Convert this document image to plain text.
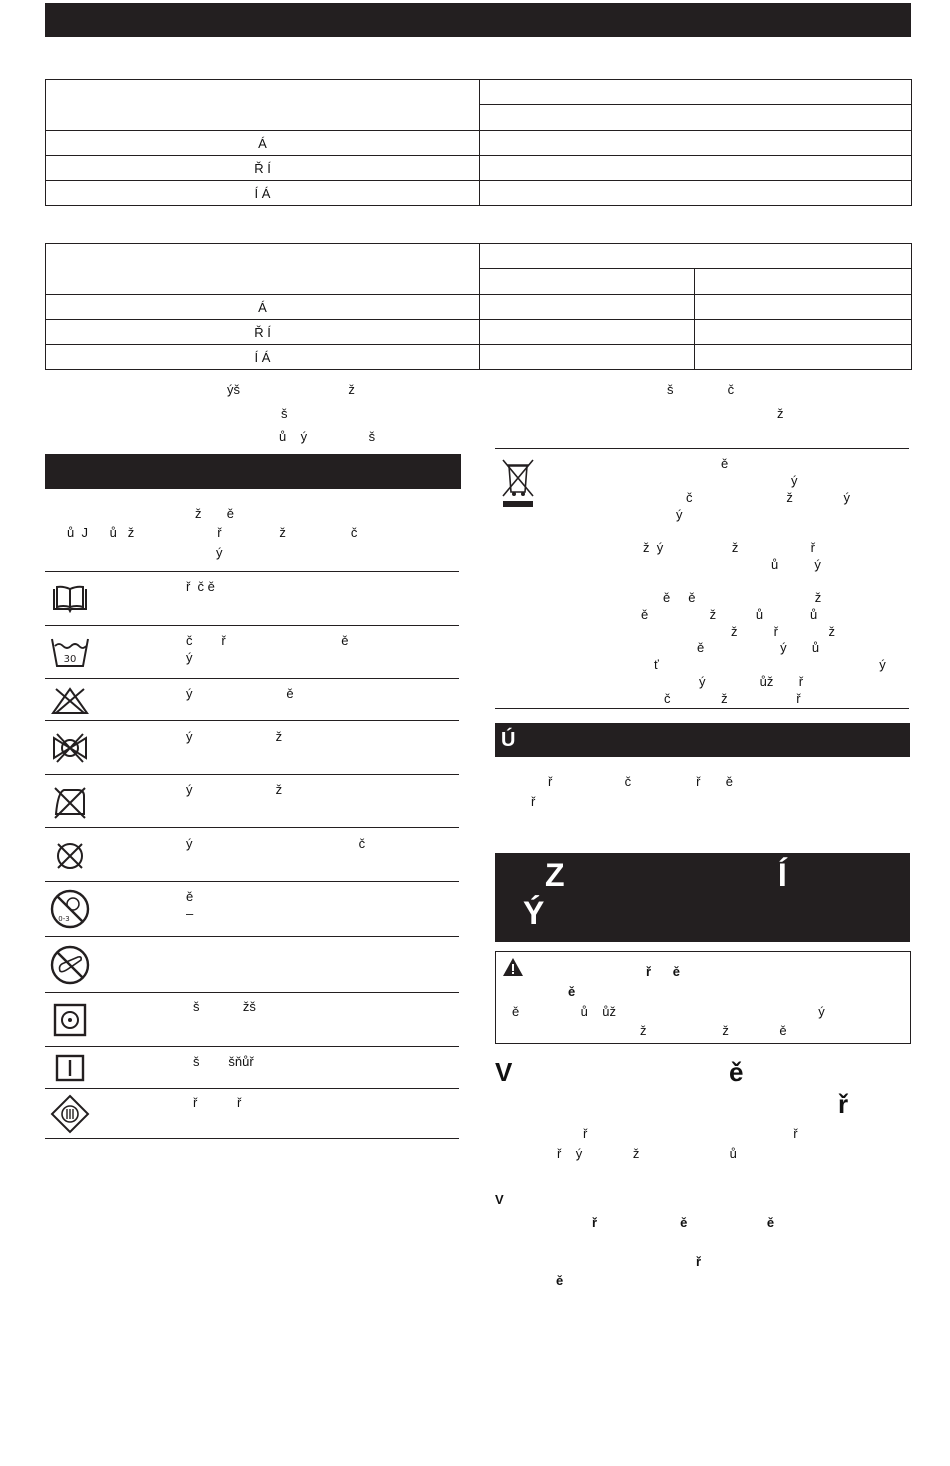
Á	
Ř Í	
Í Á	

Á		
Ř Í		
Í Á		
ýš                              ž
š
ů    ý                 š
š               č
ž
ž       ě
ů  J      ů   ž                       ř                ž                  č
ý
30
0-3
ř  č ě
č        ř                                ě
ý
ý                          ě
ý                       ž
ý                       ž
ý                                              č
ě
–
š            žš
š        šňůř
ř           ř
ě
ý
č                          ž              ý
ý
ž  ý                   ž                    ř
ů          ý
ě     ě                                 ž
ě                 ž           ů             ů
ž          ř              ž
ě                     ý       ů
ť                                                             ý
ý               ůž       ř
č              ž                   ř
Ú
ř                    č                  ř       ě
ř
Z                        Í
Ý
ř      ě
ě
ě                 ů    ůž                                                        ý
ž                     ž              ě
V                              ě
ř
ř                                                         ř
ř    ý              ž                         ů
V
ř                       ě                      ě
ř
ě
